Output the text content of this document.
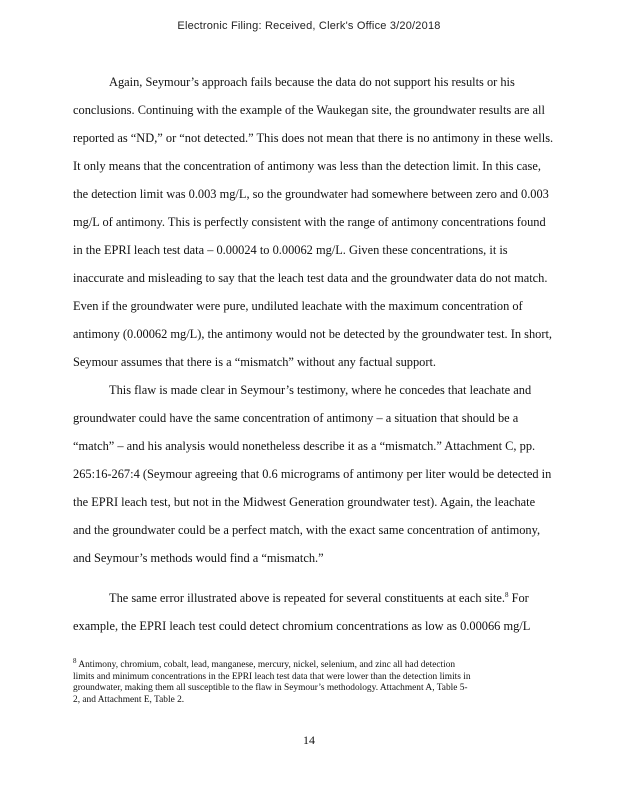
Electronic Filing: Received, Clerk's Office 3/20/2018
Again, Seymour’s approach fails because the data do not support his results or his
conclusions. Continuing with the example of the Waukegan site, the groundwater results are all
reported as “ND,” or “not detected.” This does not mean that there is no antimony in these wells.
It only means that the concentration of antimony was less than the detection limit. In this case,
the detection limit was 0.003 mg/L, so the groundwater had somewhere between zero and 0.003
mg/L of antimony. This is perfectly consistent with the range of antimony concentrations found
in the EPRI leach test data – 0.00024 to 0.00062 mg/L. Given these concentrations, it is
inaccurate and misleading to say that the leach test data and the groundwater data do not match.
Even if the groundwater were pure, undiluted leachate with the maximum concentration of
antimony (0.00062 mg/L), the antimony would not be detected by the groundwater test. In short,
Seymour assumes that there is a “mismatch” without any factual support.
This flaw is made clear in Seymour’s testimony, where he concedes that leachate and
groundwater could have the same concentration of antimony – a situation that should be a
“match” – and his analysis would nonetheless describe it as a “mismatch.” Attachment C, pp.
265:16-267:4 (Seymour agreeing that 0.6 micrograms of antimony per liter would be detected in
the EPRI leach test, but not in the Midwest Generation groundwater test). Again, the leachate
and the groundwater could be a perfect match, with the exact same concentration of antimony,
and Seymour’s methods would find a “mismatch.”
The same error illustrated above is repeated for several constituents at each site.$^8$ For
example, the EPRI leach test could detect chromium concentrations as low as 0.00066 mg/L
$^8$ Antimony, chromium, cobalt, lead, manganese, mercury, nickel, selenium, and zinc all had detection
limits and minimum concentrations in the EPRI leach test data that were lower than the detection limits in
groundwater, making them all susceptible to the flaw in Seymour’s methodology. Attachment A, Table 5-
2, and Attachment E, Table 2.
14
